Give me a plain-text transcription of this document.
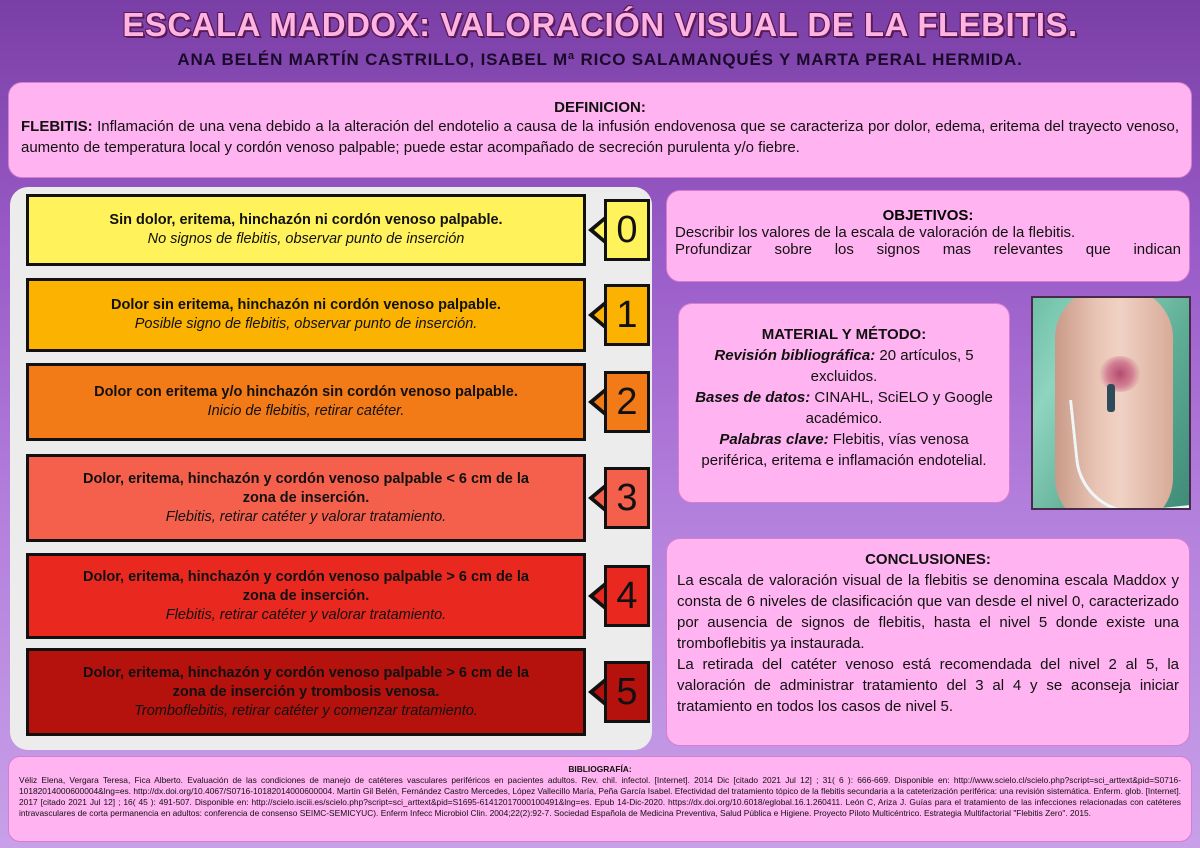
ESCALA MADDOX: VALORACIÓN VISUAL DE LA FLEBITIS.
ANA BELÉN MARTÍN CASTRILLO, ISABEL Mª RICO SALAMANQUÉS Y MARTA PERAL HERMIDA.
DEFINICION:
FLEBITIS: Inflamación de una vena debido a la alteración del endotelio a causa de la infusión endovenosa que se caracteriza por dolor, edema, eritema del trayecto venoso, aumento de temperatura local y cordón venoso palpable; puede estar acompañado de secreción purulenta y/o fiebre.
Sin dolor, eritema, hinchazón ni cordón venoso palpable.
No signos de flebitis, observar punto de inserción	0
Dolor sin eritema, hinchazón ni cordón venoso palpable.
Posible signo de flebitis, observar punto de inserción.	1
Dolor con eritema y/o hinchazón sin cordón venoso palpable.
Inicio de flebitis, retirar catéter.	2
Dolor, eritema, hinchazón y cordón venoso palpable < 6 cm de la
zona de inserción.
Flebitis, retirar catéter y valorar tratamiento.	3
Dolor, eritema, hinchazón y cordón venoso palpable > 6 cm de la
zona de inserción.
Flebitis, retirar catéter y valorar tratamiento.	4
Dolor, eritema, hinchazón y cordón venoso palpable > 6 cm de la
zona de inserción y trombosis venosa.
Tromboflebitis, retirar catéter y comenzar tratamiento.	5
OBJETIVOS:
Describir los valores de la escala de valoración de la flebitis.
Profundizar sobre los signos mas relevantes que indican
MATERIAL Y MÉTODO:
Revisión bibliográfica: 20 artículos, 5 excluidos.
Bases de datos: CINAHL, SciELO y Google académico.
Palabras clave: Flebitis, vías venosa periférica, eritema e inflamación endotelial.
CONCLUSIONES:
La escala de valoración visual de la flebitis se denomina escala Maddox y consta de 6 niveles de clasificación que van desde el nivel 0, caracterizado por ausencia de signos de flebitis, hasta el nivel 5 donde existe una tromboflebitis ya instaurada.
La retirada del catéter venoso está recomendada del nivel 2 al 5, la valoración de administrar tratamiento del 3 al 4 y se aconseja iniciar tratamiento en todos los casos de nivel 5.
BIBLIOGRAFÍA:
Véliz Elena, Vergara Teresa, Fica Alberto. Evaluación de las condiciones de manejo de catéteres vasculares periféricos en pacientes adultos. Rev. chil. infectol. [Internet]. 2014 Dic [citado 2021 Jul 12] ; 31( 6 ): 666-669. Disponible en: http://www.scielo.cl/scielo.php?script=sci_arttext&pid=S0716-10182014000600004&lng=es. http://dx.doi.org/10.4067/S0716-10182014000600004. Martín Gil Belén, Fernández Castro Mercedes, López Vallecillo María, Peña García Isabel. Efectividad del tratamiento tópico de la flebitis secundaria a la cateterización periférica: una revisión sistemática. Enferm. glob. [Internet]. 2017 [citado 2021 Jul 12] ; 16( 45 ): 491-507. Disponible en: http://scielo.isciii.es/scielo.php?script=sci_arttext&pid=S1695-61412017000100491&lng=es. Epub 14-Dic-2020. https://dx.doi.org/10.6018/eglobal.16.1.260411. León C, Ariza J. Guías para el tratamiento de las infecciones relacionadas con catéteres intravasculares de corta permanencia en adultos: conferencia de consenso SEIMC-SEMICYUC). Enferm Infecc Microbiol Clin. 2004;22(2):92-7. Sociedad Española de Medicina Preventiva, Salud Pública e Higiene. Proyecto Piloto Multicéntrico. Estrategia Multifactorial "Flebitis Zero". 2015.
